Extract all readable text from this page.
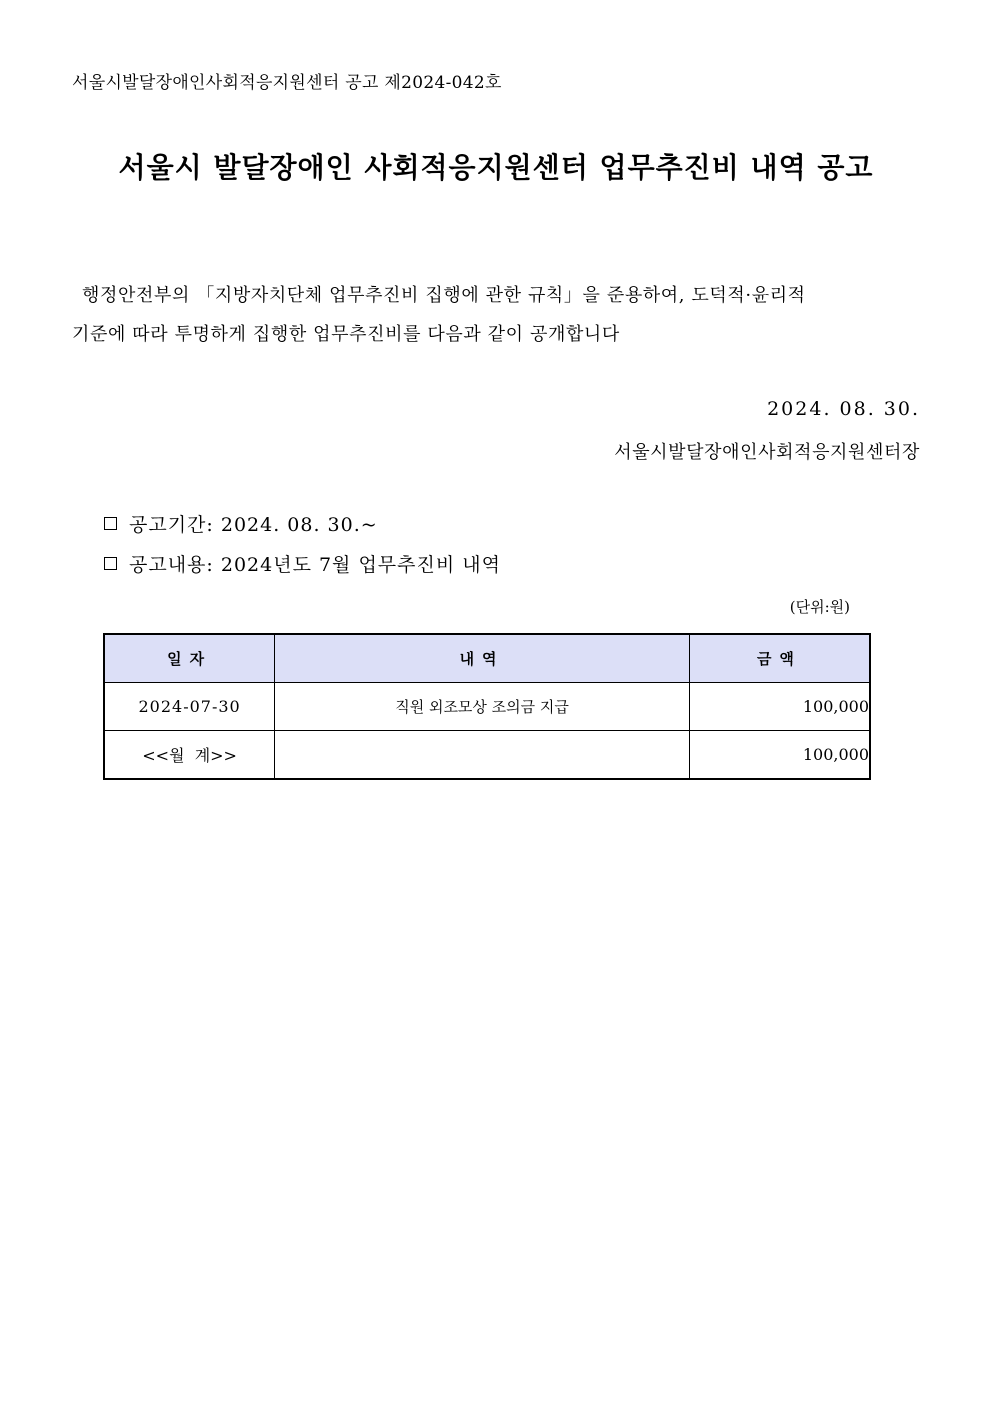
서울시발달장애인사회적응지원센터 공고 제2024-042호
서울시 발달장애인 사회적응지원센터 업무추진비 내역 공고
행정안전부의 「지방자치단체 업무추진비 집행에 관한 규칙」을 준용하여, 도덕적·윤리적
기준에 따라 투명하게 집행한 업무추진비를 다음과 같이 공개합니다
2024. 08. 30.
서울시발달장애인사회적응지원센터장
공고기간: 2024. 08. 30.~
공고내용: 2024년도 7월 업무추진비 내역
(단위:원)
일자	내역	금액
2024-07-30	직원 외조모상 조의금 지급	100,000
<<월  계>>		100,000
